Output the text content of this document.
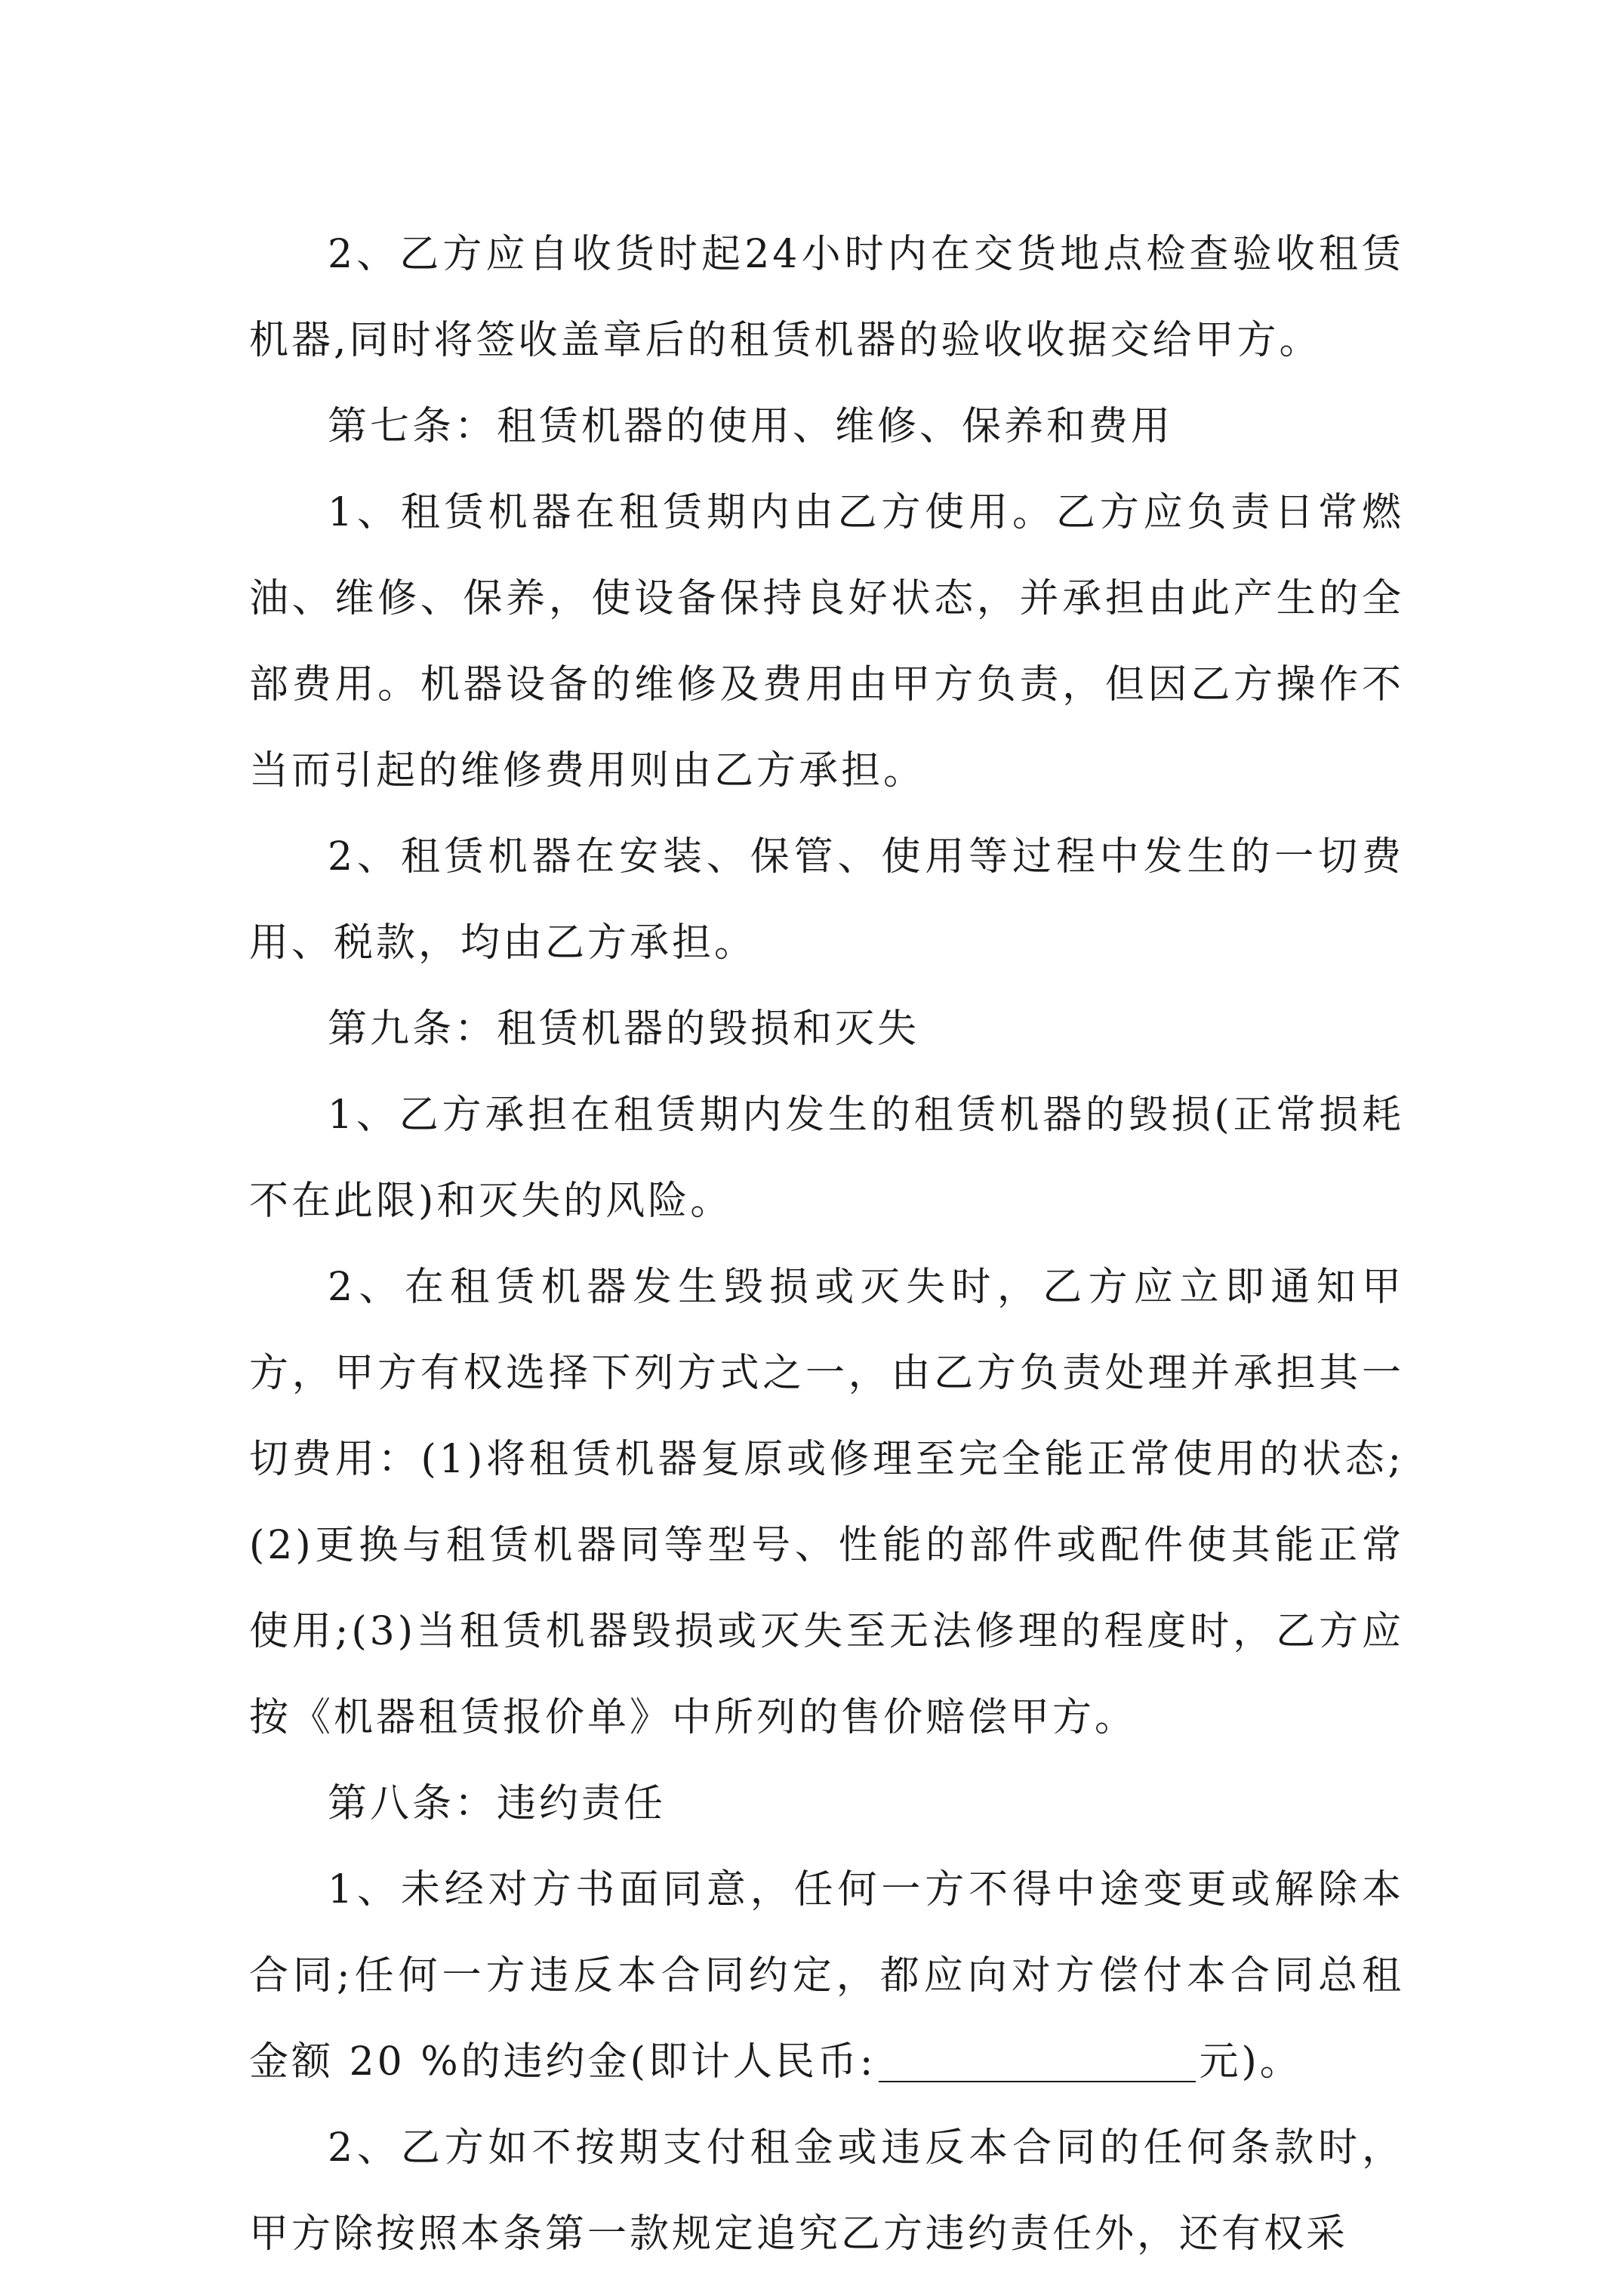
2、乙方应自收货时起24小时内在交货地点检查验收租赁机器,同时将签收盖章后的租赁机器的验收收据交给甲方。

第七条：租赁机器的使用、维修、保养和费用

1、租赁机器在租赁期内由乙方使用。乙方应负责日常燃油、维修、保养，使设备保持良好状态，并承担由此产生的全部费用。机器设备的维修及费用由甲方负责，但因乙方操作不当而引起的维修费用则由乙方承担。

2、租赁机器在安装、保管、使用等过程中发生的一切费用、税款，均由乙方承担。

第九条：租赁机器的毁损和灭失

1、乙方承担在租赁期内发生的租赁机器的毁损(正常损耗不在此限)和灭失的风险。

2、在租赁机器发生毁损或灭失时，乙方应立即通知甲方，甲方有权选择下列方式之一，由乙方负责处理并承担其一切费用：(1)将租赁机器复原或修理至完全能正常使用的状态;(2)更换与租赁机器同等型号、性能的部件或配件使其能正常使用;(3)当租赁机器毁损或灭失至无法修理的程度时，乙方应按《机器租赁报价单》中所列的售价赔偿甲方。

第八条：违约责任

1、未经对方书面同意，任何一方不得中途变更或解除本合同;任何一方违反本合同约定，都应向对方偿付本合同总租金额 20 %的违约金(即计人民币:	元)。

2、乙方如不按期支付租金或违反本合同的任何条款时，甲方除按照本条第一款规定追究乙方违约责任外，还有权采
